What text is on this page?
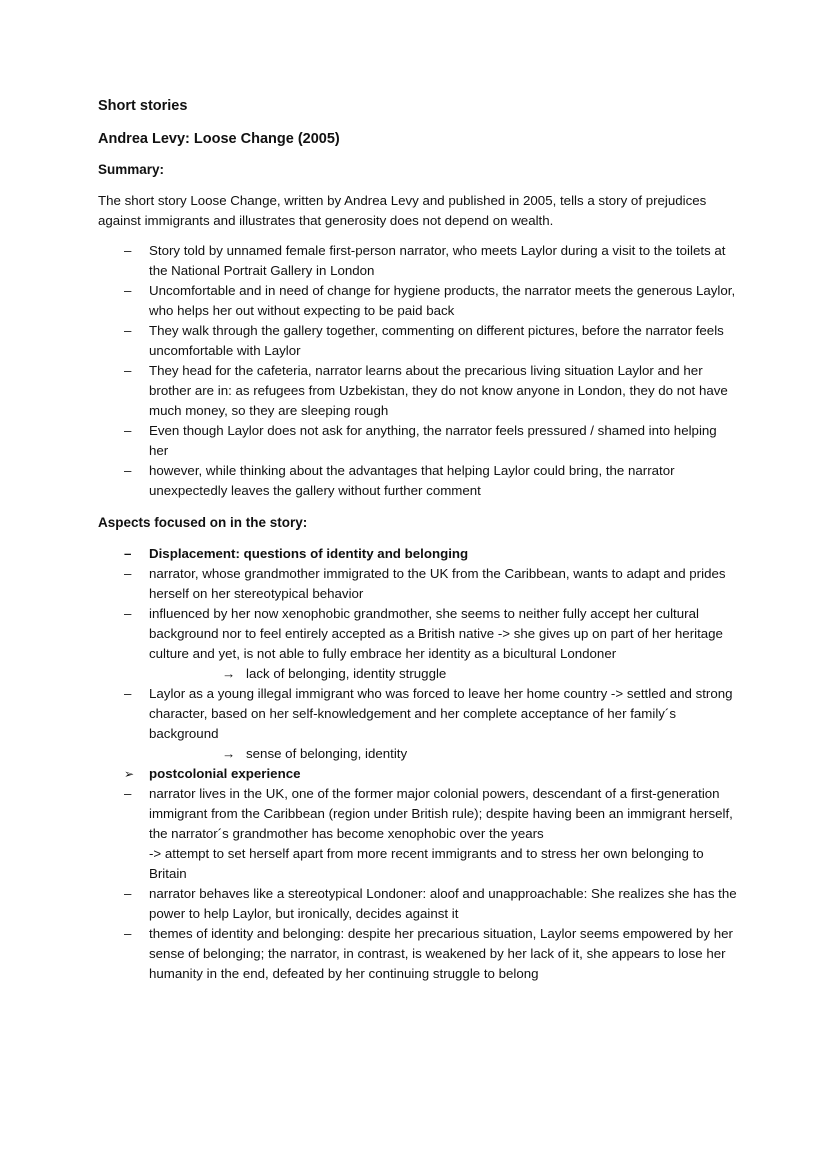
Short stories
Andrea Levy: Loose Change (2005)
Summary:

The short story Loose Change, written by Andrea Levy and published in 2005, tells a story of prejudices against immigrants and illustrates that generosity does not depend on wealth.

–	Story told by unnamed female first-person narrator, who meets Laylor during a visit to the toilets at the National Portrait Gallery in London
–	Uncomfortable and in need of change for hygiene products, the narrator meets the generous Laylor, who helps her out without expecting to be paid back
–	They walk through the gallery together, commenting on different pictures, before the narrator feels uncomfortable with Laylor
–	They head for the cafeteria, narrator learns about the precarious living situation Laylor and her brother are in: as refugees from Uzbekistan, they do not know anyone in London, they do not have much money, so they are sleeping rough
–	Even though Laylor does not ask for anything, the narrator feels pressured / shamed into helping her
–	however, while thinking about the advantages that helping Laylor could bring, the narrator unexpectedly leaves the gallery without further comment
Aspects focused on in the story:
–	Displacement: questions of identity and belonging
–	narrator, whose grandmother immigrated to the UK from the Caribbean, wants to adapt and prides herself on her stereotypical behavior
–	influenced by her now xenophobic grandmother, she seems to neither fully accept her cultural background nor to feel entirely accepted as a British native -> she gives up on part of her heritage culture and yet, is not able to fully embrace her identity as a bicultural Londoner
→ lack of belonging, identity struggle
–	Laylor as a young illegal immigrant who was forced to leave her home country -> settled and strong character, based on her self-knowledgement and her complete acceptance of her family´s background
→ sense of belonging, identity
➢ postcolonial experience
–	narrator lives in the UK, one of the former major colonial powers, descendant of a first-generation immigrant from the Caribbean (region under British rule); despite having been an immigrant herself, the narrator´s grandmother has become xenophobic over the years
-> attempt to set herself apart from more recent immigrants and to stress her own belonging to Britain
–	narrator behaves like a stereotypical Londoner: aloof and unapproachable: She realizes she has the power to help Laylor, but ironically, decides against it
–	themes of identity and belonging: despite her precarious situation, Laylor seems empowered by her sense of belonging; the narrator, in contrast, is weakened by her lack of it, she appears to lose her humanity in the end, defeated by her continuing struggle to belong
